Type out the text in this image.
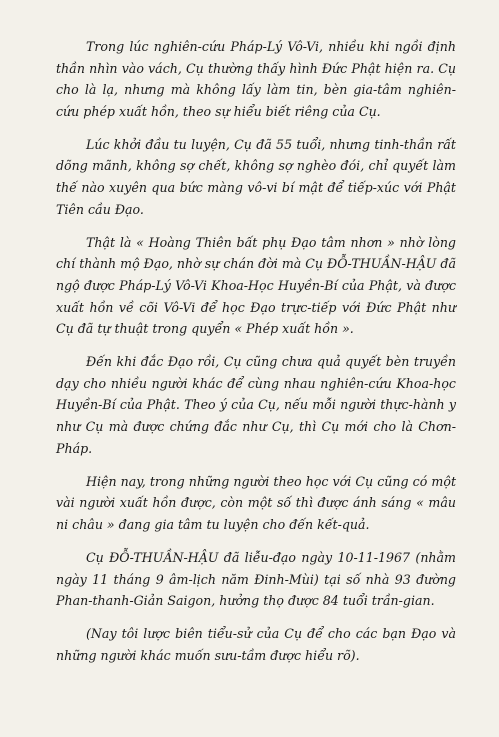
Trong lúc nghiên-cứu Pháp-Lý Vô-Vi, nhiều khi ngồi định thần nhìn vào vách, Cụ thường thấy hình Đức Phật hiện ra. Cụ cho là lạ, nhưng mà không lấy làm tin, bèn gia-tâm nghiên-cứu phép xuất hồn, theo sự hiểu biết riêng của Cụ.

Lúc khởi đầu tu luyện, Cụ đã 55 tuổi, nhưng tinh-thần rất dõng mãnh, không sợ chết, không sợ nghèo đói, chỉ quyết làm thế nào xuyên qua bức màng vô-vi bí mật để tiếp-xúc với Phật Tiên cầu Đạo.

Thật là « Hoàng Thiên bất phụ Đạo tâm nhơn » nhờ lòng chí thành mộ Đạo, nhờ sự chán đời mà Cụ ĐỖ-THUẦN-HẬU đã ngộ được Pháp-Lý Vô-Vi Khoa-Học Huyền-Bí của Phật, và được xuất hồn về cõi Vô-Vi để học Đạo trực-tiếp với Đức Phật như Cụ đã tự thuật trong quyển « Phép xuất hồn ».

Đến khi đắc Đạo rồi, Cụ cũng chưa quả quyết bèn truyền dạy cho nhiều người khác để cùng nhau nghiên-cứu Khoa-học Huyền-Bí của Phật. Theo ý của Cụ, nếu mỗi người thực-hành y như Cụ mà được chứng đắc như Cụ, thì Cụ mới cho là Chơn-Pháp.

Hiện nay, trong những người theo học với Cụ cũng có một vài người xuất hồn được, còn một số thì được ánh sáng « mâu ni châu » đang gia tâm tu luyện cho đến kết-quả.

Cụ ĐỖ-THUẦN-HẬU đã liễu-đạo ngày 10-11-1967 (nhằm ngày 11 tháng 9 âm-lịch năm Đinh-Mùi) tại số nhà 93 đường Phan-thanh-Giản Saigon, hưởng thọ được 84 tuổi trần-gian.

(Nay tôi lược biên tiểu-sử của Cụ để cho các bạn Đạo và những người khác muốn sưu-tầm được hiểu rõ).
